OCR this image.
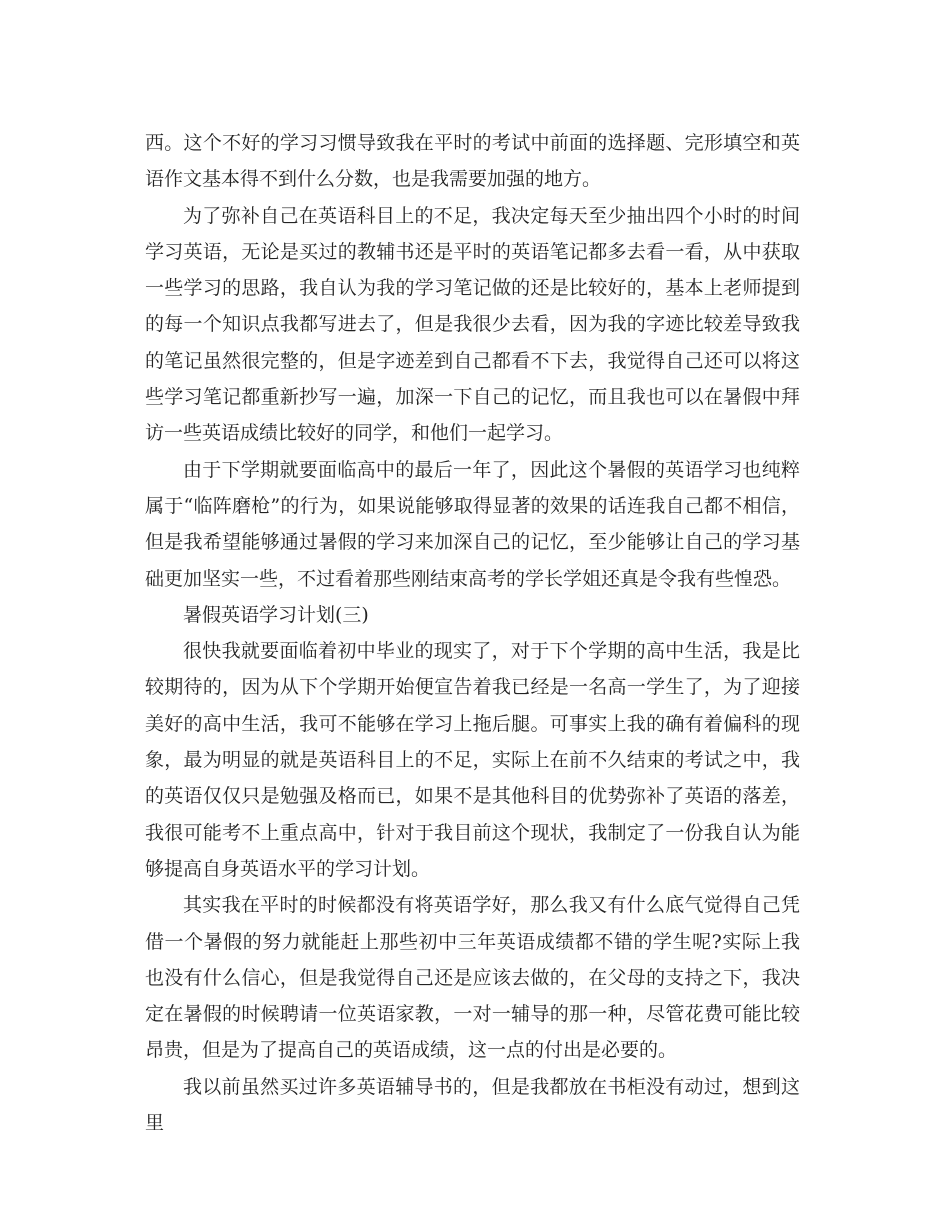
西。这个不好的学习习惯导致我在平时的考试中前面的选择题、完形填空和英语作文基本得不到什么分数，也是我需要加强的地方。

为了弥补自己在英语科目上的不足，我决定每天至少抽出四个小时的时间学习英语，无论是买过的教辅书还是平时的英语笔记都多去看一看，从中获取一些学习的思路，我自认为我的学习笔记做的还是比较好的，基本上老师提到的每一个知识点我都写进去了，但是我很少去看，因为我的字迹比较差导致我的笔记虽然很完整的，但是字迹差到自己都看不下去，我觉得自己还可以将这些学习笔记都重新抄写一遍，加深一下自己的记忆，而且我也可以在暑假中拜访一些英语成绩比较好的同学，和他们一起学习。

由于下学期就要面临高中的最后一年了，因此这个暑假的英语学习也纯粹属于“临阵磨枪”的行为，如果说能够取得显著的效果的话连我自己都不相信，但是我希望能够通过暑假的学习来加深自己的记忆，至少能够让自己的学习基础更加坚实一些，不过看着那些刚结束高考的学长学姐还真是令我有些惶恐。

暑假英语学习计划(三)

很快我就要面临着初中毕业的现实了，对于下个学期的高中生活，我是比较期待的，因为从下个学期开始便宣告着我已经是一名高一学生了，为了迎接美好的高中生活，我可不能够在学习上拖后腿。可事实上我的确有着偏科的现象，最为明显的就是英语科目上的不足，实际上在前不久结束的考试之中，我的英语仅仅只是勉强及格而已，如果不是其他科目的优势弥补了英语的落差，我很可能考不上重点高中，针对于我目前这个现状，我制定了一份我自认为能够提高自身英语水平的学习计划。

其实我在平时的时候都没有将英语学好，那么我又有什么底气觉得自己凭借一个暑假的努力就能赶上那些初中三年英语成绩都不错的学生呢?实际上我也没有什么信心，但是我觉得自己还是应该去做的，在父母的支持之下，我决定在暑假的时候聘请一位英语家教，一对一辅导的那一种，尽管花费可能比较昂贵，但是为了提高自己的英语成绩，这一点的付出是必要的。

我以前虽然买过许多英语辅导书的，但是我都放在书柜没有动过，想到这里
